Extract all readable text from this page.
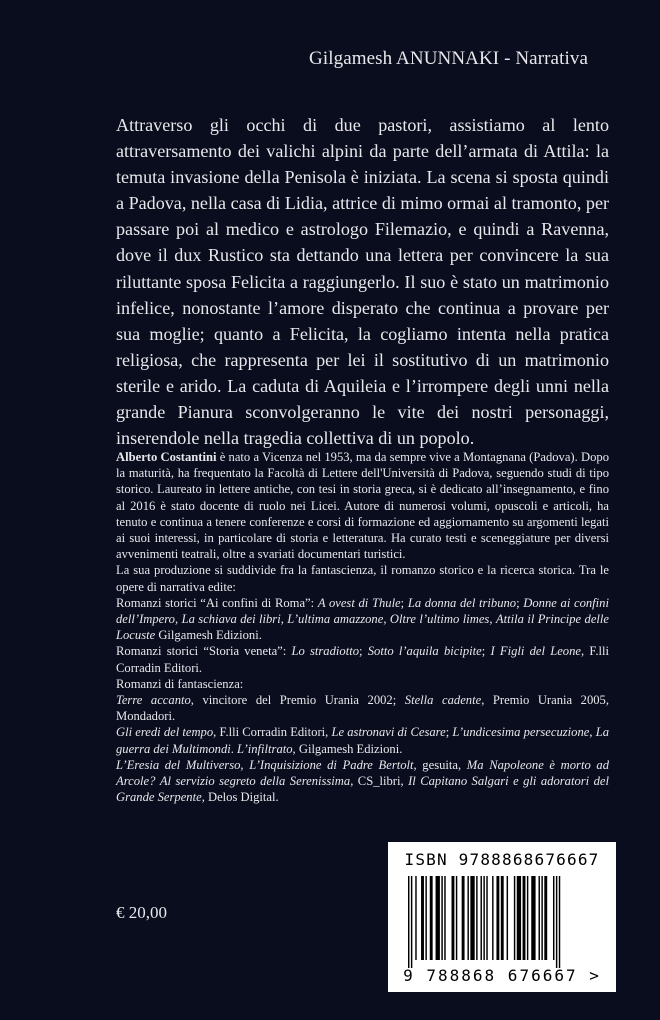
Gilgamesh ANUNNAKI - Narrativa
Attraverso gli occhi di due pastori, assistiamo al lento attraversamento dei valichi alpini da parte dell’armata di Attila: la temuta invasione della Penisola è iniziata. La scena si sposta quindi a Padova, nella casa di Lidia, attrice di mimo ormai al tramonto, per passare poi al medico e astrologo Filemazio, e quindi a Ravenna, dove il dux Rustico sta dettando una lettera per convincere la sua riluttante sposa Felicita a raggiungerlo. Il suo è stato un matrimonio infelice, nonostante l’amore disperato che continua a provare per sua moglie; quanto a Felicita, la cogliamo intenta nella pratica religiosa, che rappresenta per lei il sostitutivo di un matrimonio sterile e arido. La caduta di Aquileia e l’irrompere degli unni nella grande Pianura sconvolgeranno le vite dei nostri personaggi, inserendole nella tragedia collettiva di un popolo.

Alberto Costantini è nato a Vicenza nel 1953, ma da sempre vive a Montagnana (Padova). Dopo la maturità, ha frequentato la Facoltà di Lettere dell'Università di Padova, seguendo studi di tipo storico. Laureato in lettere antiche, con tesi in storia greca, si è dedicato all’insegnamento, e fino al 2016 è stato docente di ruolo nei Licei. Autore di numerosi volumi, opuscoli e articoli, ha tenuto e continua a tenere conferenze e corsi di formazione ed aggiornamento su argomenti legati ai suoi interessi, in particolare di storia e letteratura. Ha curato testi e sceneggiature per diversi avvenimenti teatrali, oltre a svariati documentari turistici.

La sua produzione si suddivide fra la fantascienza, il romanzo storico e la ricerca storica. Tra le opere di narrativa edite:

Romanzi storici “Ai confini di Roma”: A ovest di Thule; La donna del tribuno; Donne ai confini dell’Impero, La schiava dei libri, L’ultima amazzone, Oltre l’ultimo limes, Attila il Principe delle Locuste Gilgamesh Edizioni.

Romanzi storici “Storia veneta”: Lo stradiotto; Sotto l’aquila bicipite; I Figli del Leone, F.lli Corradin Editori.

Romanzi di fantascienza:

Terre accanto, vincitore del Premio Urania 2002; Stella cadente, Premio Urania 2005, Mondadori.

Gli eredi del tempo, F.lli Corradin Editori, Le astronavi di Cesare; L’undicesima persecuzione, La guerra dei Multimondi. L’infiltrato, Gilgamesh Edizioni.

L’Eresia del Multiverso, L’Inquisizione di Padre Bertolt, gesuita, Ma Napoleone è morto ad Arcole? Al servizio segreto della Serenissima, CS_libri, Il Capitano Salgari e gli adoratori del Grande Serpente, Delos Digital.

€ 20,00
ISBN 9788868676667
9 788868 676667 >
